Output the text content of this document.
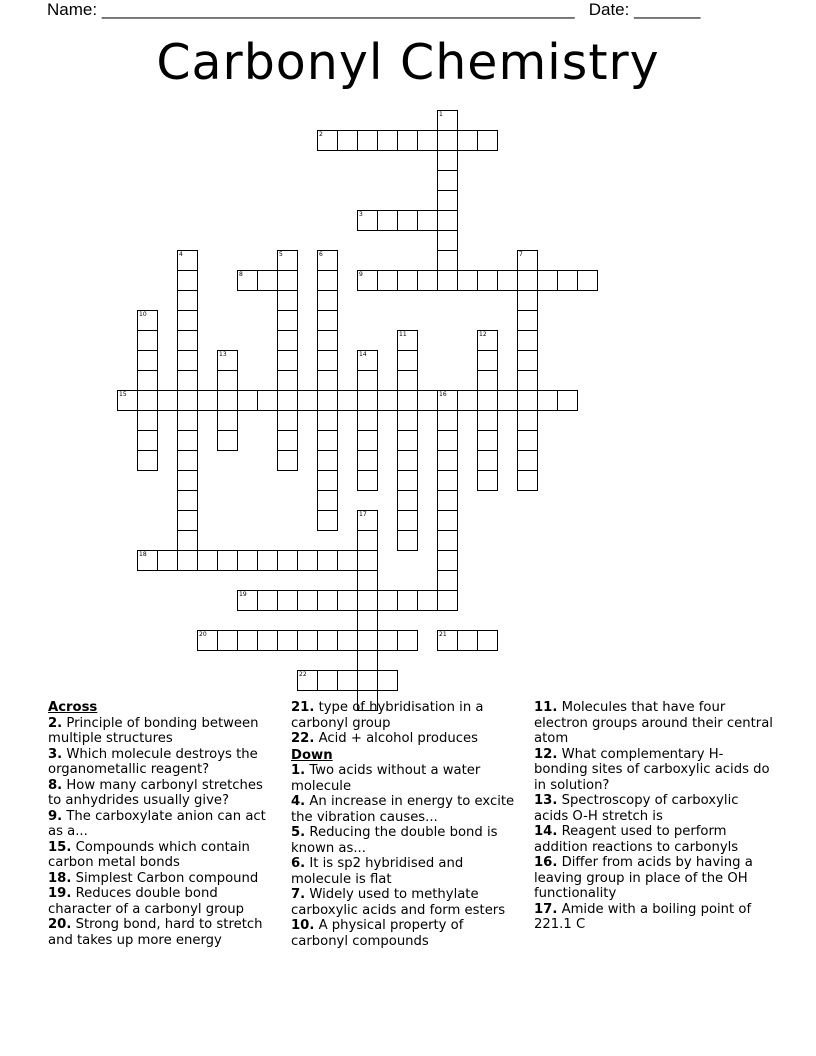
Name: __________________________________________________ Date: _______
Carbonyl Chemistry
1
2
3
4	5	6	7
8	9
10
11	12
13	14
15	16
17
18
19
20	21
22
Across
2. Principle of bonding between multiple structures
3. Which molecule destroys the organometallic reagent?
8. How many carbonyl stretches to anhydrides usually give?
9. The carboxylate anion can act as a...
15. Compounds which contain carbon metal bonds
18. Simplest Carbon compound
19. Reduces double bond character of a carbonyl group
20. Strong bond, hard to stretch and takes up more energy
21. type of hybridisation in a carbonyl group
22. Acid + alcohol produces
Down
1. Two acids without a water molecule
4. An increase in energy to excite the vibration causes...
5. Reducing the double bond is known as...
6. It is sp2 hybridised and molecule is flat
7. Widely used to methylate carboxylic acids and form esters
10. A physical property of carbonyl compounds
11. Molecules that have four electron groups around their central atom
12. What complementary H-bonding sites of carboxylic acids do in solution?
13. Spectroscopy of carboxylic acids O-H stretch is
14. Reagent used to perform addition reactions to carbonyls
16. Differ from acids by having a leaving group in place of the OH functionality
17. Amide with a boiling point of 221.1 C
